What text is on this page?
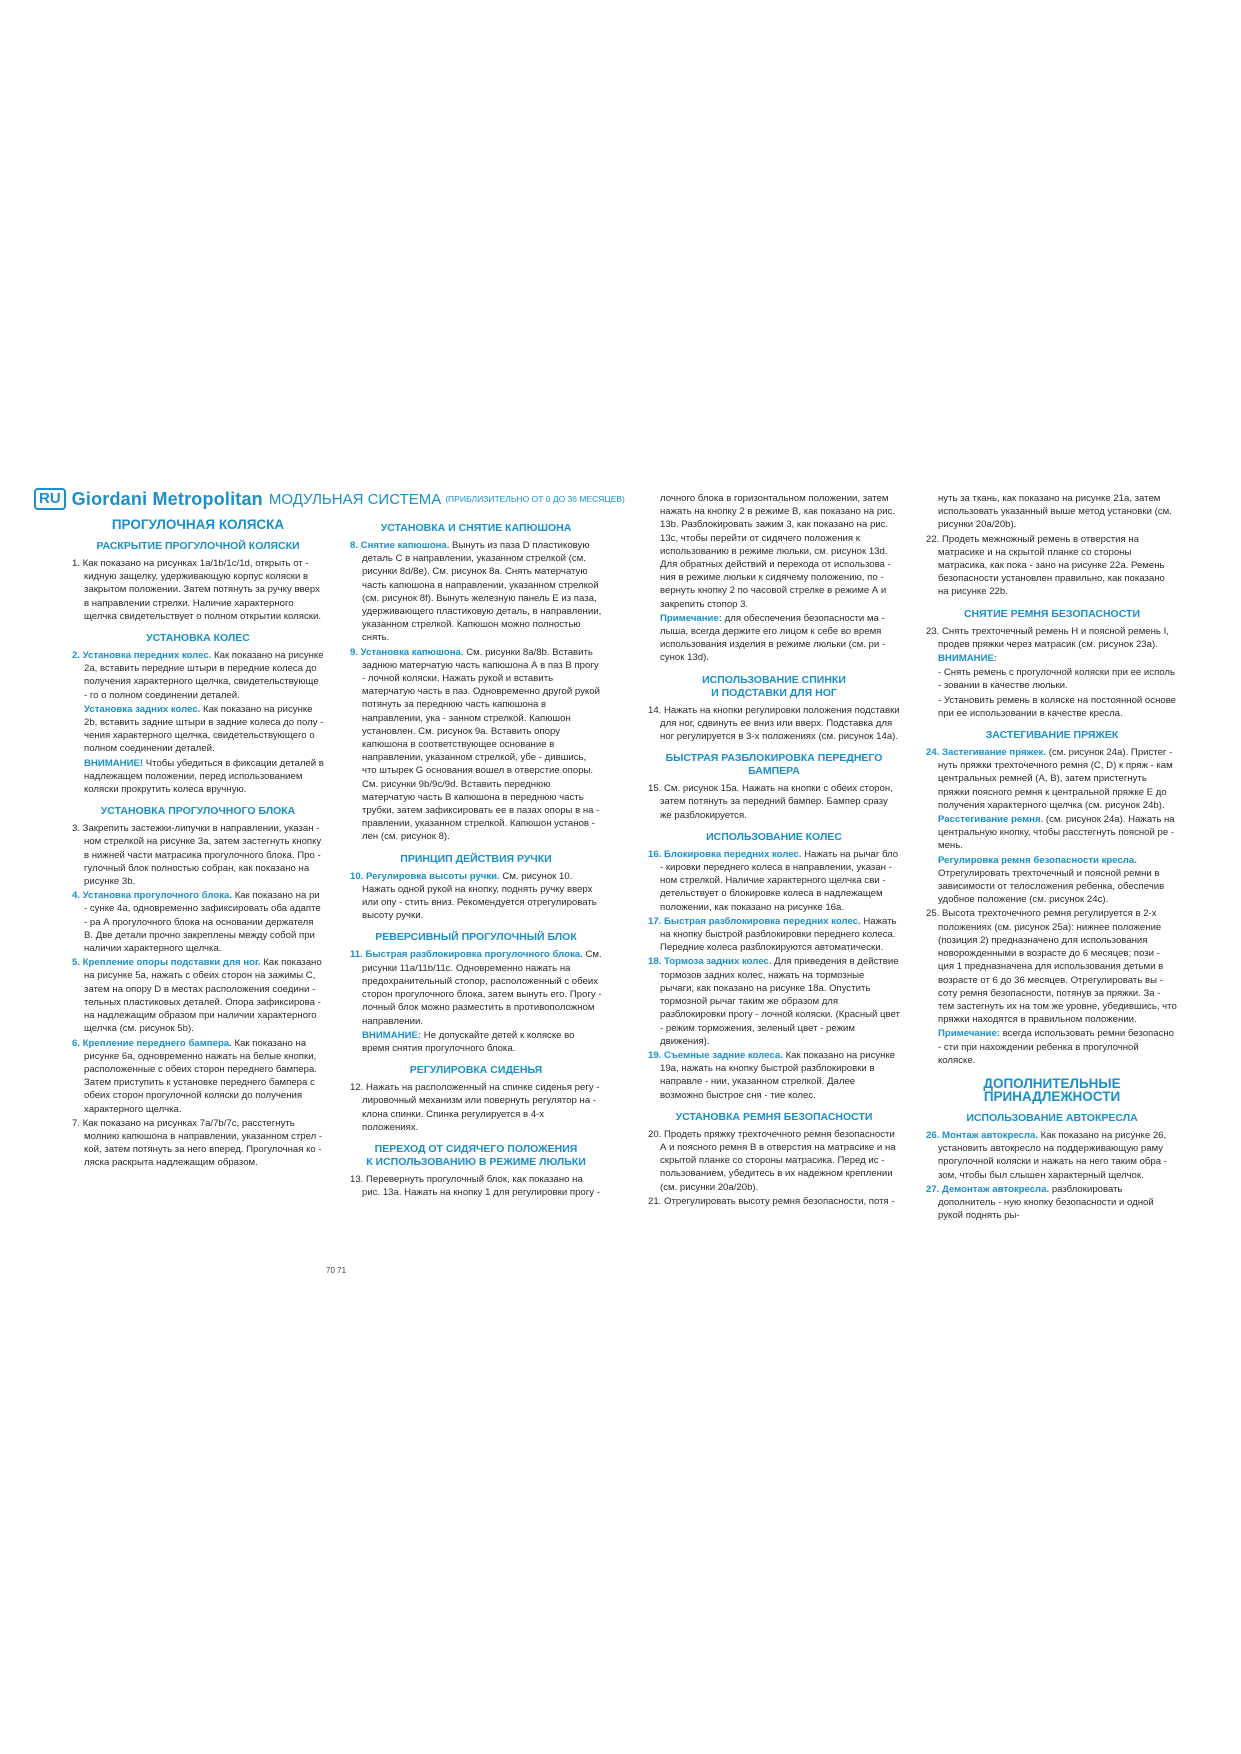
RU Giordani Metropolitan МОДУЛЬНАЯ СИСТЕМА (ПРИБЛИЗИТЕЛЬНО ОТ 0 ДО 36 МЕСЯЦЕВ)
ПРОГУЛОЧНАЯ КОЛЯСКА
РАСКРЫТИЕ ПРОГУЛОЧНОЙ КОЛЯСКИ

1. Как показано на рисунках 1а/1b/1c/1d, открыть от - кидную защелку, удерживающую корпус коляски в закрытом положении. Затем потянуть за ручку вверх в направлении стрелки. Наличие характерного щелчка свидетельствует о полном открытии коляски.

УСТАНОВКА КОЛЕС

2. Установка передних колес. Как показано на рисунке 2а, вставить передние штыри в передние колеса до получения характерного щелчка, свидетельствующе - го о полном соединении деталей.

Установка задних колес. Как показано на рисунке 2b, вставить задние штыри в задние колеса до полу - чения характерного щелчка, свидетельствующего о полном соединении деталей.

ВНИМАНИЕ! Чтобы убедиться в фиксации деталей в надлежащем положении, перед использованием коляски прокрутить колеса вручную.

УСТАНОВКА ПРОГУЛОЧНОГО БЛОКА

3. Закрепить застежки-липучки в направлении, указан - ном стрелкой на рисунке 3а, затем застегнуть кнопку в нижней части матрасика прогулочного блока. Про - гулочный блок полностью собран, как показано на рисунке 3b.

4. Установка прогулочного блока. Как показано на ри - сунке 4а, одновременно зафиксировать оба адапте - ра А прогулочного блока на основании держателя В. Две детали прочно закреплены между собой при наличии характерного щелчка.

5. Крепление опоры подставки для ног. Как показано на рисунке 5а, нажать с обеих сторон на зажимы С, затем на опору D в местах расположения соедини - тельных пластиковых деталей. Опора зафиксирова - на надлежащим образом при наличии характерного щелчка (см. рисунок 5b).

6. Крепление переднего бампера. Как показано на рисунке 6а, одновременно нажать на белые кнопки, расположенные с обеих сторон переднего бампера. Затем приступить к установке переднего бампера с обеих сторон прогулочной коляски до получения характерного щелчка.

7. Как показано на рисунках 7а/7b/7c, расстегнуть молнию капюшона в направлении, указанном стрел - кой, затем потянуть за него вперед. Прогулочная ко - ляска раскрыта надлежащим образом.

УСТАНОВКА И СНЯТИЕ КАПЮШОНА

8. Снятие капюшона. Вынуть из паза D пластиковую деталь С в направлении, указанном стрелкой (см. рисунки 8d/8е). См. рисунок 8а. Снять матерчатую часть капюшона в направлении, указанном стрелкой (см. рисунок 8f). Вынуть железную панель Е из паза, удерживающего пластиковую деталь, в направлении, указанном стрелкой. Капюшон можно полностью снять.

9. Установка капюшона. См. рисунки 8а/8b. Вставить заднюю матерчатую часть капюшона А в паз В прогу - лочной коляски. Нажать рукой и вставить матерчатую часть в паз. Одновременно другой рукой потянуть за переднюю часть капюшона в направлении, ука - занном стрелкой. Капюшон установлен. См. рисунок 9а. Вставить опору капюшона в соответствующее основание в направлении, указанном стрелкой, убе - дившись, что штырек G основания вошел в отверстие опоры. См. рисунки 9b/9c/9d. Вставить переднюю матерчатую часть В капюшона в переднюю часть трубки, затем зафиксировать ее в пазах опоры в на - правлении, указанном стрелкой. Капюшон установ - лен (см. рисунок 8).

ПРИНЦИП ДЕЙСТВИЯ РУЧКИ

10. Регулировка высоты ручки. См. рисунок 10. Нажать одной рукой на кнопку, поднять ручку вверх или опу - стить вниз. Рекомендуется отрегулировать высоту ручки.

РЕВЕРСИВНЫЙ ПРОГУЛОЧНЫЙ БЛОК

11. Быстрая разблокировка прогулочного блока. См. рисунки 11а/11b/11c. Одновременно нажать на предохранительный стопор, расположенный с обеих сторон прогулочного блока, затем вынуть его. Прогу - лочный блок можно разместить в противоположном направлении.

ВНИМАНИЕ: Не допускайте детей к коляске во время снятия прогулочного блока.

РЕГУЛИРОВКА СИДЕНЬЯ

12. Нажать на расположенный на спинке сиденья регу - лировочный механизм или повернуть регулятор на - клона спинки. Спинка регулируется в 4-х положениях.

ПЕРЕХОД ОТ СИДЯЧЕГО ПОЛОЖЕНИЯ
К ИСПОЛЬЗОВАНИЮ В РЕЖИМЕ ЛЮЛЬКИ

13. Перевернуть прогулочный блок, как показано на рис. 13а. Нажать на кнопку 1 для регулировки прогу -

лочного блока в горизонтальном положении, затем нажать на кнопку 2 в режиме В, как показано на рис. 13b. Разблокировать зажим 3, как показано на рис. 13c, чтобы перейти от сидячего положения к использованию в режиме люльки, см. рисунок 13d. Для обратных действий и перехода от использова - ния в режиме люльки к сидячему положению, по - вернуть кнопку 2 по часовой стрелке в режиме А и закрепить стопор 3.

Примечание: для обеспечения безопасности ма - лыша, всегда держите его лицом к себе во время использования изделия в режиме люльки (см. ри - сунок 13d).

ИСПОЛЬЗОВАНИЕ СПИНКИ
И ПОДСТАВКИ ДЛЯ НОГ

14. Нажать на кнопки регулировки положения подставки для ног, сдвинуть ее вниз или вверх. Подставка для ног регулируется в 3-х положениях (см. рисунок 14а).

БЫСТРАЯ РАЗБЛОКИРОВКА ПЕРЕДНЕГО БАМПЕРА

15. См. рисунок 15а. Нажать на кнопки с обеих сторон, затем потянуть за передний бампер. Бампер сразу же разблокируется.

ИСПОЛЬЗОВАНИЕ КОЛЕС

16. Блокировка передних колес. Нажать на рычаг бло - кировки переднего колеса в направлении, указан - ном стрелкой. Наличие характерного щелчка сви - детельствует о блокировке колеса в надлежащем положении, как показано на рисунке 16а.

17. Быстрая разблокировка передних колес. Нажать на кнопку быстрой разблокировки переднего колеса. Передние колеса разблокируются автоматически.

18. Тормоза задних колес. Для приведения в действие тормозов задних колес, нажать на тормозные рычаги, как показано на рисунке 18а. Опустить тормозной рычаг таким же образом для разблокировки прогу - лочной коляски. (Красный цвет - режим торможения, зеленый цвет - режим движения).

19. Съемные задние колеса. Как показано на рисунке 19а, нажать на кнопку быстрой разблокировки в направле - нии, указанном стрелкой. Далее возможно быстрое сня - тие колес.

УСТАНОВКА РЕМНЯ БЕЗОПАСНОСТИ

20. Продеть пряжку трехточечного ремня безопасности А и поясного ремня В в отверстия на матрасике и на скрытой планке со стороны матрасика. Перед ис - пользованием, убедитесь в их надежном креплении (см. рисунки 20а/20b).

21. Отрегулировать высоту ремня безопасности, потя -

нуть за ткань, как показано на рисунке 21а, затем использовать указанный выше метод установки (см. рисунки 20а/20b).

22. Продеть межножный ремень в отверстия на матрасике и на скрытой планке со стороны матрасика, как пока - зано на рисунке 22а. Ремень безопасности установлен правильно, как показано на рисунке 22b.

СНЯТИЕ РЕМНЯ БЕЗОПАСНОСТИ

23. Снять трехточечный ремень Н и поясной ремень I, продев пряжки через матрасик (см. рисунок 23а).

ВНИМАНИЕ:

- Снять ремень с прогулочной коляски при ее исполь - зовании в качестве люльки.

- Установить ремень в коляске на постоянной основе при ее использовании в качестве кресла.

ЗАСТЕГИВАНИЕ ПРЯЖЕК

24. Застегивание пряжек. (см. рисунок 24а). Пристег - нуть пряжки трехточечного ремня (C, D) к пряж - кам центральных ремней (A, B), затем пристегнуть пряжки поясного ремня к центральной пряжке Е до получения характерного щелчка (см. рисунок 24b).

Расстегивание ремня. (см. рисунок 24а). Нажать на центральную кнопку, чтобы расстегнуть поясной ре - мень.

Регулировка ремня безопасности кресла. Отрегулировать трехточечный и поясной ремни в зависимости от телосложения ребенка, обеспечив удобное положение (см. рисунок 24c).

25. Высота трехточечного ремня регулируется в 2-х положениях (см. рисунок 25а): нижнее положение (позиция 2) предназначено для использования новорожденными в возрасте до 6 месяцев; пози - ция 1 предназначена для использования детьми в возрасте от 6 до 36 месяцев. Отрегулировать вы - соту ремня безопасности, потянув за пряжки. За - тем застегнуть их на том же уровне, убедившись, что пряжки находятся в правильном положении.

Примечание: всегда использовать ремни безопасно - сти при нахождении ребенка в прогулочной коляске.

ДОПОЛНИТЕЛЬНЫЕ ПРИНАДЛЕЖНОСТИ
ИСПОЛЬЗОВАНИЕ АВТОКРЕСЛА

26. Монтаж автокресла. Как показано на рисунке 26, установить автокресло на поддерживающую раму прогулочной коляски и нажать на него таким обра - зом, чтобы был слышен характерный щелчок.

27. Демонтаж автокресла. разблокировать дополнитель - ную кнопку безопасности и одной рукой поднять ры-

70 71
